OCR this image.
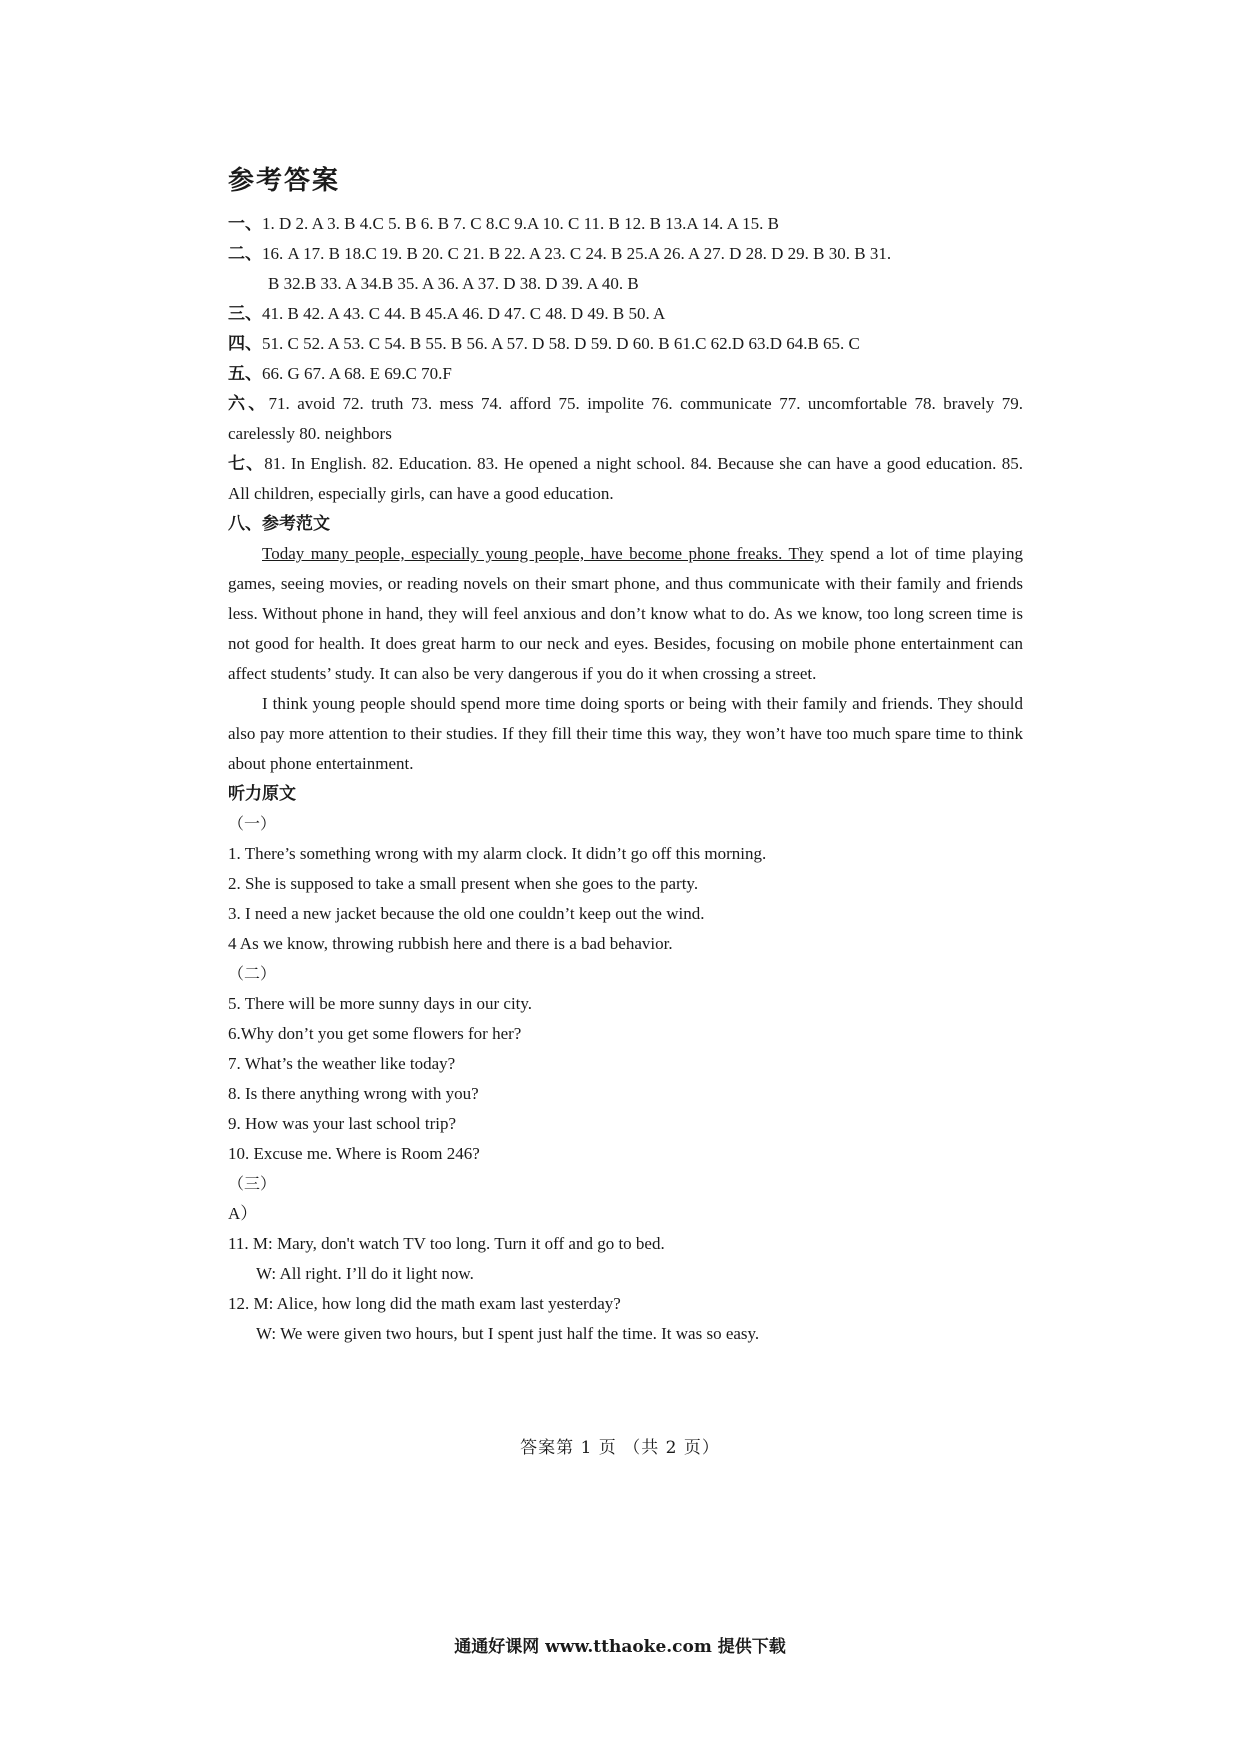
参考答案
一、1. D 2. A 3. B 4.C 5. B 6. B 7. C 8.C 9.A 10. C 11. B 12. B 13.A 14. A 15. B
二、16. A 17. B 18.C 19. B 20. C 21. B 22. A 23. C 24. B 25.A 26. A 27. D 28. D 29. B 30. B 31.
B 32.B 33. A 34.B 35. A 36. A 37. D 38. D 39. A 40. B
三、41. B 42. A 43. C 44. B 45.A 46. D 47. C 48. D 49. B 50. A
四、51. C 52. A 53. C 54. B 55. B 56. A 57. D 58. D 59. D 60. B 61.C 62.D 63.D 64.B 65. C
五、66. G 67. A 68. E 69.C 70.F
六、71. avoid 72. truth 73. mess 74. afford 75. impolite 76. communicate 77. uncomfortable 78. bravely 79. carelessly 80. neighbors
七、81. In English. 82. Education. 83. He opened a night school. 84. Because she can have a good education. 85. All children, especially girls, can have a good education.
八、参考范文
Today many people, especially young people, have become phone freaks. They spend a lot of time playing games, seeing movies, or reading novels on their smart phone, and thus communicate with their family and friends less. Without phone in hand, they will feel anxious and don’t know what to do. As we know, too long screen time is not good for health. It does great harm to our neck and eyes. Besides, focusing on mobile phone entertainment can affect students’ study. It can also be very dangerous if you do it when crossing a street.
I think young people should spend more time doing sports or being with their family and friends. They should also pay more attention to their studies. If they fill their time this way, they won’t have too much spare time to think about phone entertainment.
听力原文
（一）
1. There’s something wrong with my alarm clock. It didn’t go off this morning.
2. She is supposed to take a small present when she goes to the party.
3. I need a new jacket because the old one couldn’t keep out the wind.
4 As we know, throwing rubbish here and there is a bad behavior.
（二）
5. There will be more sunny days in our city.
6.Why don’t you get some flowers for her?
7. What’s the weather like today?
8. Is there anything wrong with you?
9. How was your last school trip?
10. Excuse me. Where is Room 246?
（三）
A）
11. M: Mary, don't watch TV too long. Turn it off and go to bed.
W: All right. I’ll do it light now.
12. M: Alice, how long did the math exam last yesterday?
W: We were given two hours, but I spent just half the time. It was so easy.
答案第 1 页 （共 2 页）
通通好课网 www.tthaoke.com 提供下载
